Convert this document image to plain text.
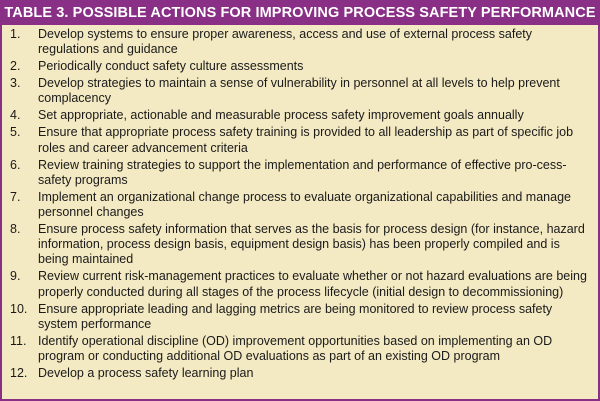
TABLE 3. POSSIBLE ACTIONS FOR IMPROVING PROCESS SAFETY PERFORMANCE
1.	Develop systems to ensure proper awareness, access and use of external process safety regulations and guidance
2.	Periodically conduct safety culture assessments
3.	Develop strategies to maintain a sense of vulnerability in personnel at all levels to help prevent complacency
4.	Set appropriate, actionable and measurable process safety improvement goals annually
5.	Ensure that appropriate process safety training is provided to all leadership as part of specific job roles and career advancement criteria
6.	Review training strategies to support the implementation and performance of effective pro-cess-safety programs
7.	Implement an organizational change process to evaluate organizational capabilities and manage personnel changes
8.	Ensure process safety information that serves as the basis for process design (for instance, hazard information, process design basis, equipment design basis) has been properly compiled and is being maintained
9.	Review current risk-management practices to evaluate whether or not hazard evaluations are being properly conducted during all stages of the process lifecycle (initial design to decommissioning)
10. Ensure appropriate leading and lagging metrics are being monitored to review process safety system performance
11. Identify operational discipline (OD) improvement opportunities based on implementing an OD program or conducting additional OD evaluations as part of an existing OD program
12. Develop a process safety learning plan
